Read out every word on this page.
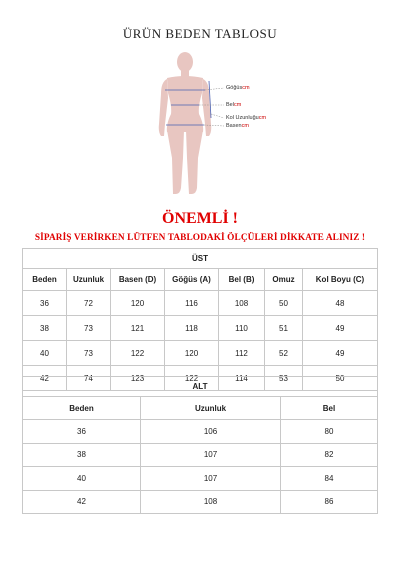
ÜRÜN BEDEN TABLOSU
Göğüscm
Belcm
Kol Uzunluğucm
Basencm
ÖNEMLİ !
SİPARİŞ VERİRKEN LÜTFEN TABLODAKİ ÖLÇÜLERİ DİKKATE ALINIZ !
ÜST						
Beden	Uzunluk	Basen (D)	Göğüs (A)	Bel (B)	Omuz	Kol Boyu (C)
36	72	120	116	108	50	48
38	73	121	118	110	51	49
40	73	122	120	112	52	49
42	74	123	122	114	53	50
ALT		
Beden	Uzunluk	Bel
36	106	80
38	107	82
40	107	84
42	108	86
